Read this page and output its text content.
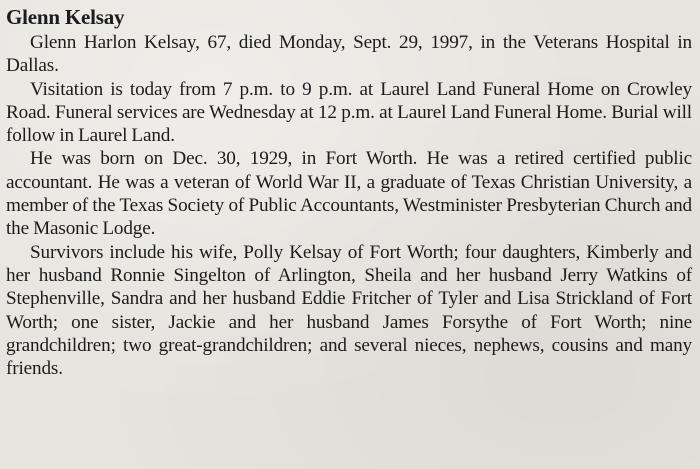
Glenn Kelsay

Glenn Harlon Kelsay, 67, died Monday, Sept. 29, 1997, in the Veterans Hospital in Dallas.

Visitation is today from 7 p.m. to 9 p.m. at Laurel Land Funeral Home on Crowley Road. Funeral services are Wednesday at 12 p.m. at Laurel Land Funeral Home. Burial will follow in Laurel Land.

He was born on Dec. 30, 1929, in Fort Worth. He was a retired certified public accountant. He was a veteran of World War II, a graduate of Texas Christian University, a member of the Texas Society of Public Accountants, Westminister Presbyterian Church and the Masonic Lodge.

Survivors include his wife, Polly Kelsay of Fort Worth; four daughters, Kimberly and her husband Ronnie Singelton of Arlington, Sheila and her husband Jerry Watkins of Stephenville, Sandra and her husband Eddie Fritcher of Tyler and Lisa Strickland of Fort Worth; one sister, Jackie and her husband James Forsythe of Fort Worth; nine grandchildren; two great-grandchildren; and several nieces, nephews, cousins and many friends.
